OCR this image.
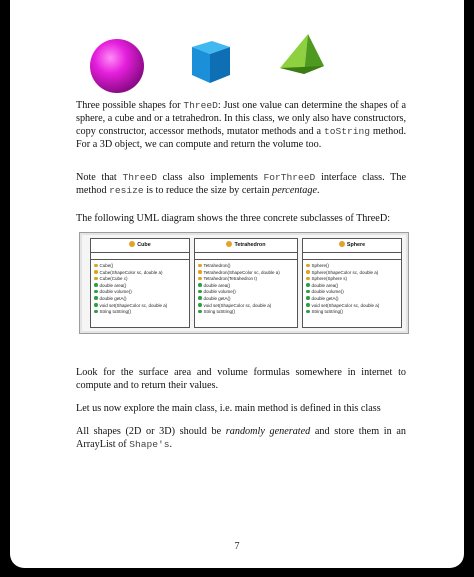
Three possible shapes for ThreeD: Just one value can determine the shapes of a sphere, a cube and or a tetrahedron. In this class, we only also have constructors, copy constructor, accessor methods, mutator methods and a toString method. For a 3D object, we can compute and return the volume too.

Note that ThreeD class also implements ForThreeD interface class. The method resize is to reduce the size by certain percentage.

The following UML diagram shows the three concrete subclasses of ThreeD:

Cube
Cube()
Cube(ShapeColor sc, double a)
Cube(Cube c)
double area()
double volume()
double getA()
void set(ShapeColor sc, double a)
String toString()
Tetrahedron
Tetrahedron()
Tetrahedron(ShapeColor sc, double a)
Tetrahedron(Tetrahedron t)
double area()
double volume()
double getA()
void set(ShapeColor sc, double a)
String toString()
Sphere
Sphere()
Sphere(ShapeColor sc, double a)
Sphere(Sphere s)
double area()
double volume()
double getA()
void set(ShapeColor sc, double a)
String toString()

Look for the surface area and volume formulas somewhere in internet to compute and to return their values.

Let us now explore the main class, i.e. main method is defined in this class

All shapes (2D or 3D) should be randomly generated and store them in an ArrayList of Shape's.

7
